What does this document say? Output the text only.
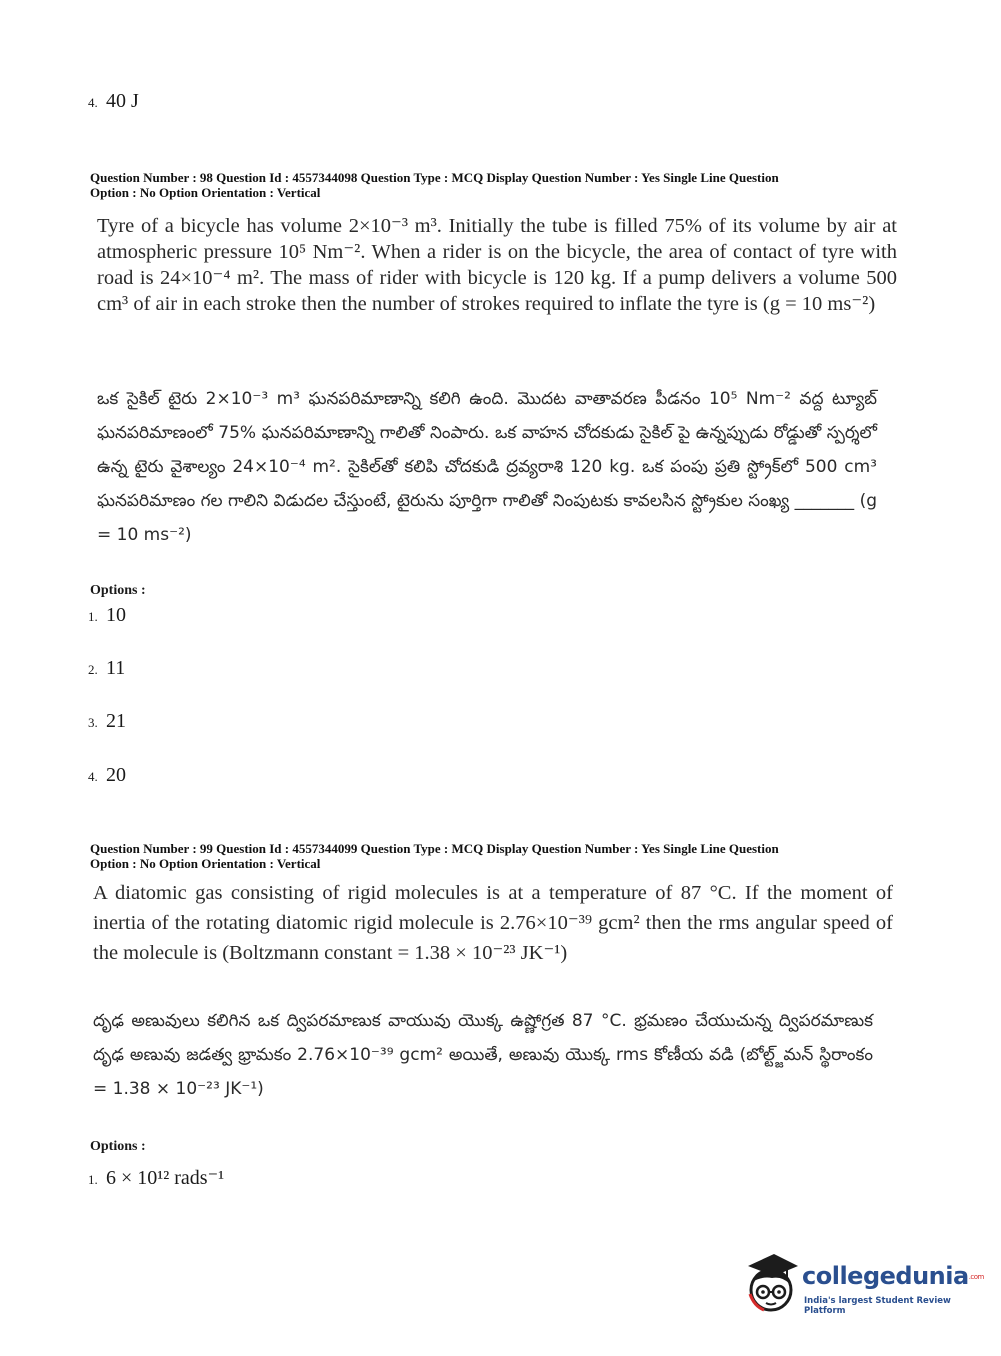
4. 40 J
Question Number : 98 Question Id : 4557344098 Question Type : MCQ Display Question Number : Yes Single Line Question
Option : No Option Orientation : Vertical
Tyre of a bicycle has volume 2×10⁻³ m³. Initially the tube is filled 75% of its volume by air at atmospheric pressure 10⁵ Nm⁻². When a rider is on the bicycle, the area of contact of tyre with road is 24×10⁻⁴ m². The mass of rider with bicycle is 120 kg. If a pump delivers a volume 500 cm³ of air in each stroke then the number of strokes required to inflate the tyre is (g = 10 ms⁻²)
ఒక సైకిల్ టైరు 2×10⁻³ m³ ఘనపరిమాణాన్ని కలిగి ఉంది. మొదట వాతావరణ పీడనం 10⁵ Nm⁻² వద్ద ట్యూబ్ ఘనపరిమాణంలో 75% ఘనపరిమాణాన్ని గాలితో నింపారు. ఒక వాహన చోదకుడు సైకిల్ పై ఉన్నప్పుడు రోడ్డుతో స్పర్శలో ఉన్న టైరు వైశాల్యం 24×10⁻⁴ m². సైకిల్‌తో కలిపి చోదకుడి ద్రవ్యరాశి 120 kg. ఒక పంపు ప్రతి స్ట్రోక్‌లో 500 cm³ ఘనపరిమాణం గల గాలిని విడుదల చేస్తుంటే, టైరును పూర్తిగా గాలితో నింపుటకు కావలసిన స్ట్రోకుల సంఖ్య _______ (g = 10 ms⁻²)
Options :
1. 10
2. 11
3. 21
4. 20
Question Number : 99 Question Id : 4557344099 Question Type : MCQ Display Question Number : Yes Single Line Question
Option : No Option Orientation : Vertical
A diatomic gas consisting of rigid molecules is at a temperature of 87 °C. If the moment of inertia of the rotating diatomic rigid molecule is 2.76×10⁻³⁹ gcm² then the rms angular speed of the molecule is (Boltzmann constant = 1.38 × 10⁻²³ JK⁻¹)
దృఢ అణువులు కలిగిన ఒక ద్విపరమాణుక వాయువు యొక్క ఉష్ణోగ్రత 87 °C. భ్రమణం చేయుచున్న ద్విపరమాణుక దృఢ అణువు జడత్వ భ్రామకం 2.76×10⁻³⁹ gcm² అయితే, అణువు యొక్క rms కోణీయ వడి (బోల్ట్జ్‌మన్ స్థిరాంకం = 1.38 × 10⁻²³ JK⁻¹)
Options :
1. 6 × 10¹² rads⁻¹
collegedunia.com
India's largest Student Review Platform
